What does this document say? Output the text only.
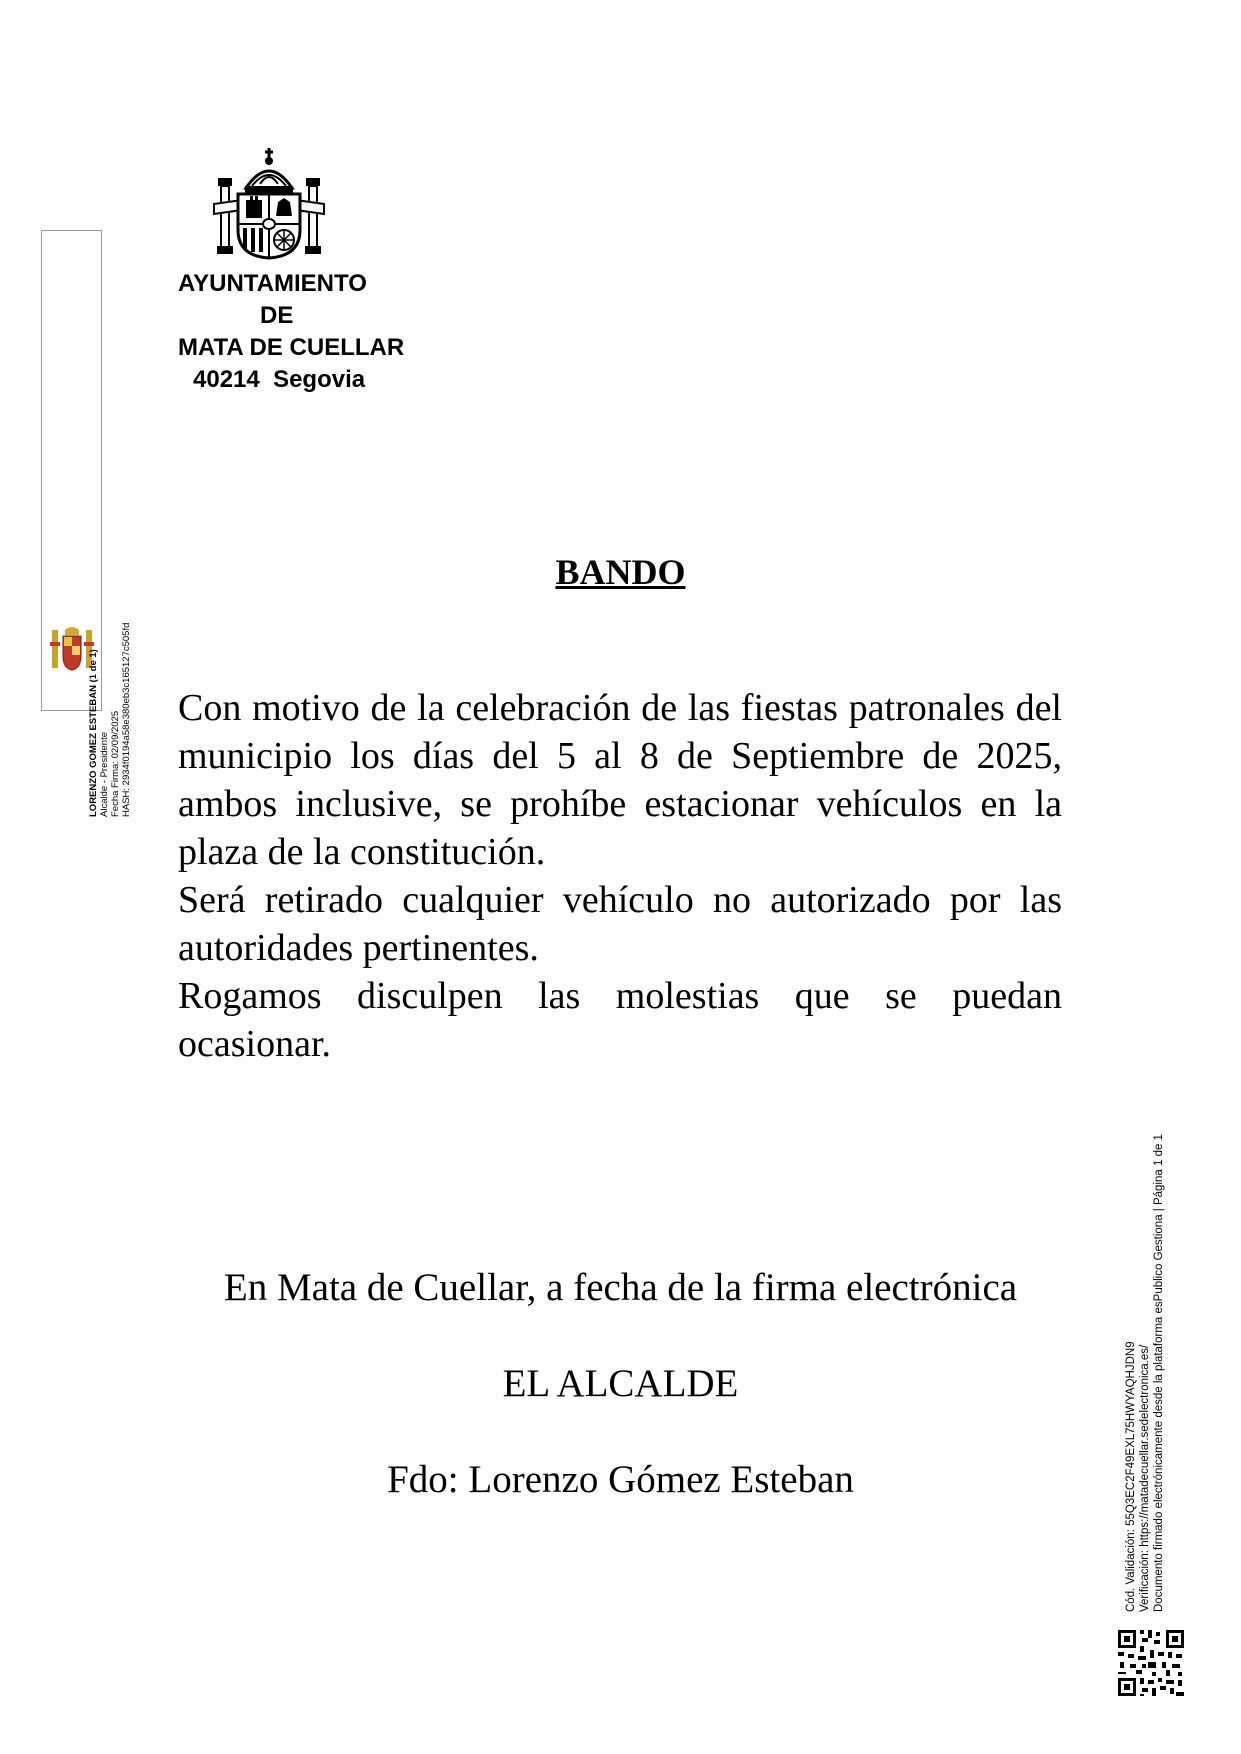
AYUNTAMIENTO
DE
MATA DE CUELLAR
40214  Segovia
LORENZO GOMEZ ESTEBAN (1 de 1) Alcalde - Presidente Fecha Firma: 02/09/2025 HASH: 2934f0194a58e380eb3c165127c505fd
BANDO

Con motivo de la celebración de las fiestas patronales del municipio los días del 5 al 8 de Septiembre de 2025, ambos inclusive, se prohíbe estacionar vehículos en la plaza de la constitución.

Será retirado cualquier vehículo no autorizado por las autoridades pertinentes.

Rogamos disculpen las molestias que se puedan ocasionar.

En Mata de Cuellar, a fecha de la firma electrónica
EL ALCALDE
Fdo: Lorenzo Gómez Esteban	Cód. Validación: 55Q3EC2F49EXL75HWYAQHJDN9 Verificación: https://matadecuellar.sedelectronica.es/ Documento firmado electrónicamente desde la plataforma esPublico Gestiona | Página 1 de 1
